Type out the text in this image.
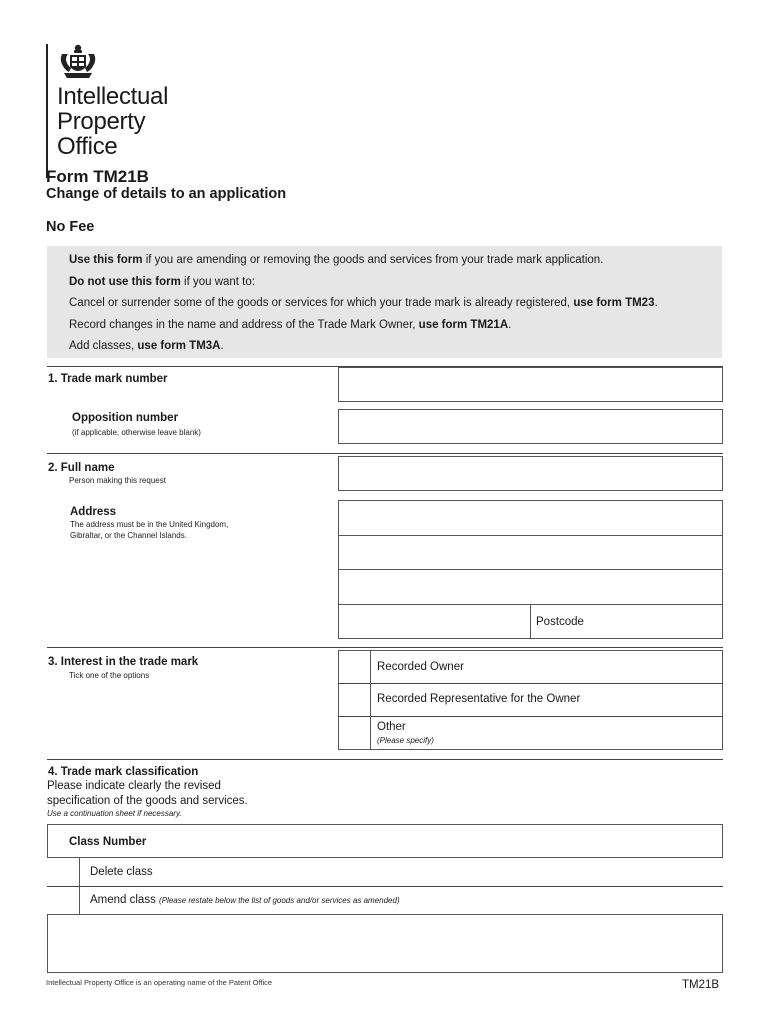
Intellectual
Property
Office
Form TM21B
Change of details to an application
No Fee
Use this form if you are amending or removing the goods and services from your trade mark application.
Do not use this form if you want to:
Cancel or surrender some of the goods or services for which your trade mark is already registered, use form TM23.
Record changes in the name and address of the Trade Mark Owner, use form TM21A.
Add classes, use form TM3A.
1. Trade mark number
Opposition number
(if applicable, otherwise leave blank)
2. Full name
Person making this request
Address
The address must be in the United Kingdom,
Gibraltar, or the Channel Islands.
Postcode
3. Interest in the trade mark
Tick one of the options
Recorded Owner
Recorded Representative for the Owner
Other
(Please specify)
4. Trade mark classification
Please indicate clearly the revised
specification of the goods and services.
Use a continuation sheet if necessary.
Class Number
Delete class
Amend class (Please restate below the list of goods and/or services as amended)
Intellectual Property Office is an operating name of the Patent Office	TM21B
